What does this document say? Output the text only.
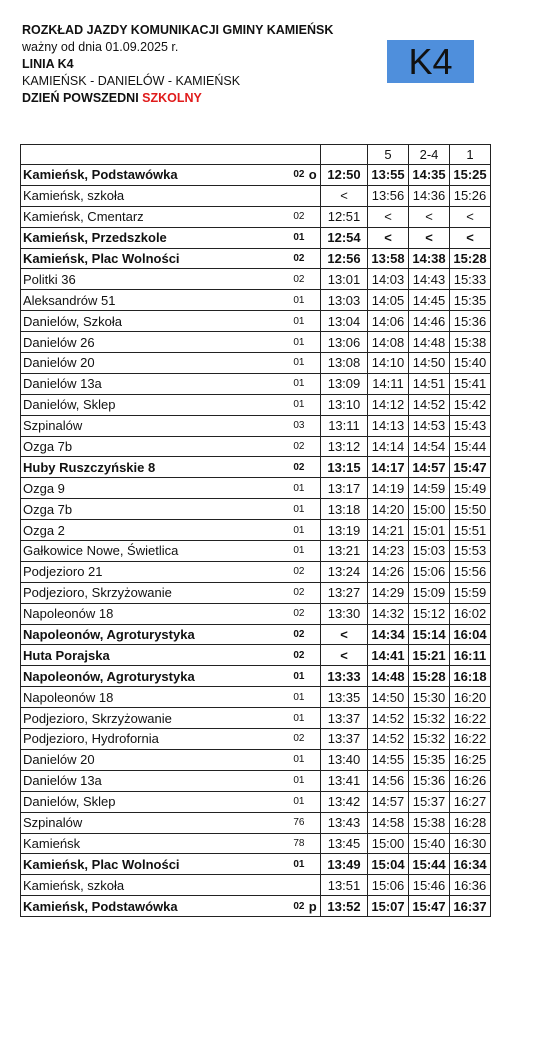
ROZKŁAD JAZDY KOMUNIKACJI GMINY KAMIEŃSK
ważny od dnia 01.09.2025 r.
LINIA K4
KAMIEŃSK - DANIELÓW - KAMIEŃSK
DZIEŃ POWSZEDNI SZKOLNY
K4
				5	2-4	1
Kamieńsk, Podstawówka	02	o	12:50	13:55	14:35	15:25
Kamieńsk, szkoła			<	13:56	14:36	15:26
Kamieńsk, Cmentarz	02		12:51	<	<	<
Kamieńsk, Przedszkole	01		12:54	<	<	<
Kamieńsk, Plac Wolności	02		12:56	13:58	14:38	15:28
Politki 36	02		13:01	14:03	14:43	15:33
Aleksandrów 51	01		13:03	14:05	14:45	15:35
Danielów, Szkoła	01		13:04	14:06	14:46	15:36
Danielów 26	01		13:06	14:08	14:48	15:38
Danielów 20	01		13:08	14:10	14:50	15:40
Danielów 13a	01		13:09	14:11	14:51	15:41
Danielów, Sklep	01		13:10	14:12	14:52	15:42
Szpinalów	03		13:11	14:13	14:53	15:43
Ozga 7b	02		13:12	14:14	14:54	15:44
Huby Ruszczyńskie 8	02		13:15	14:17	14:57	15:47
Ozga 9	01		13:17	14:19	14:59	15:49
Ozga 7b	01		13:18	14:20	15:00	15:50
Ozga 2	01		13:19	14:21	15:01	15:51
Gałkowice Nowe, Świetlica	01		13:21	14:23	15:03	15:53
Podjezioro 21	02		13:24	14:26	15:06	15:56
Podjezioro, Skrzyżowanie	02		13:27	14:29	15:09	15:59
Napoleonów 18	02		13:30	14:32	15:12	16:02
Napoleonów, Agroturystyka	02		<	14:34	15:14	16:04
Huta Porajska	02		<	14:41	15:21	16:11
Napoleonów, Agroturystyka	01		13:33	14:48	15:28	16:18
Napoleonów 18	01		13:35	14:50	15:30	16:20
Podjezioro, Skrzyżowanie	01		13:37	14:52	15:32	16:22
Podjezioro, Hydrofornia	02		13:37	14:52	15:32	16:22
Danielów 20	01		13:40	14:55	15:35	16:25
Danielów 13a	01		13:41	14:56	15:36	16:26
Danielów, Sklep	01		13:42	14:57	15:37	16:27
Szpinalów	76		13:43	14:58	15:38	16:28
Kamieńsk	78		13:45	15:00	15:40	16:30
Kamieńsk, Plac Wolności	01		13:49	15:04	15:44	16:34
Kamieńsk, szkoła			13:51	15:06	15:46	16:36
Kamieńsk, Podstawówka	02	p	13:52	15:07	15:47	16:37
